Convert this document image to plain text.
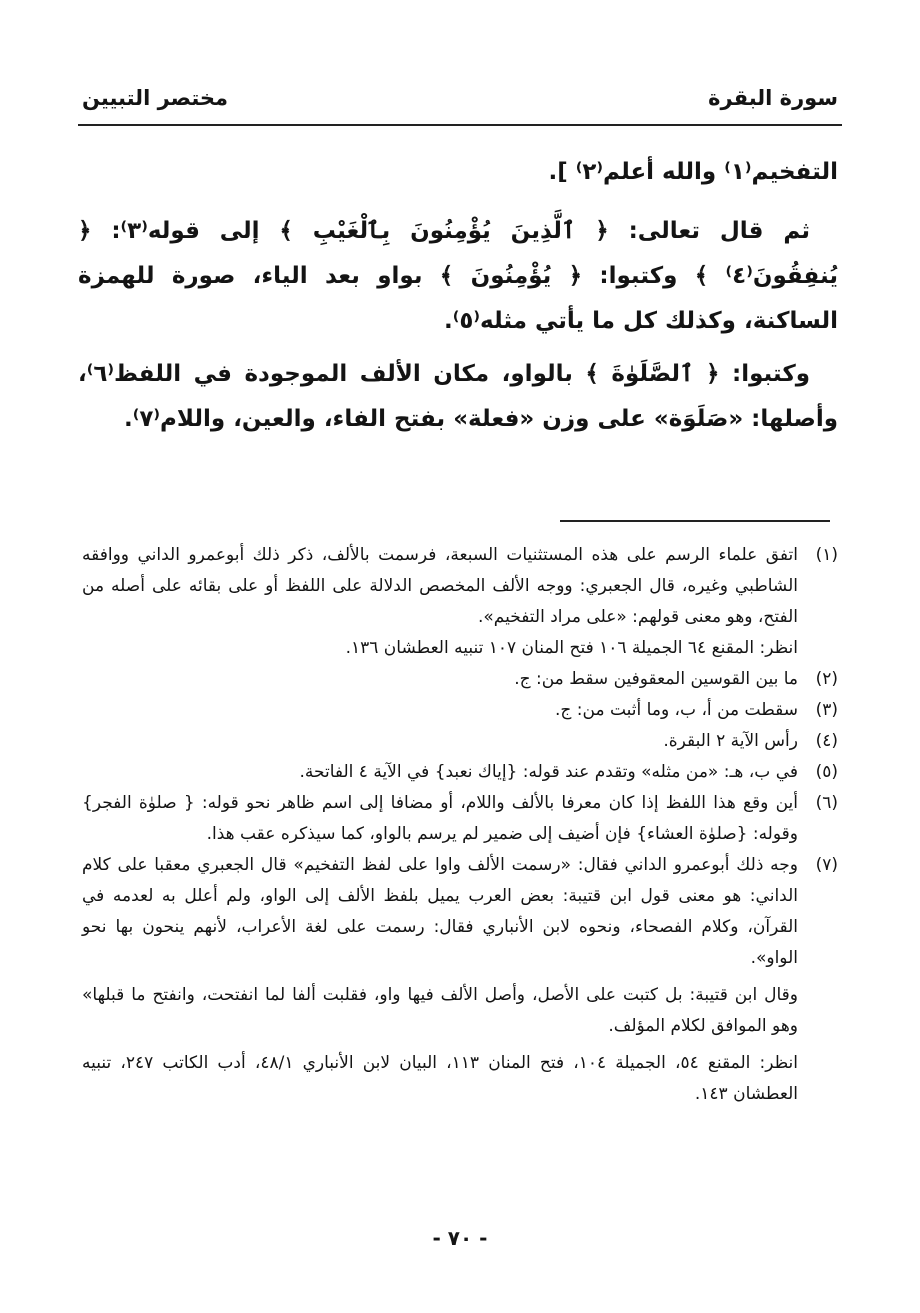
سورة البقرة
مختصر التبيين

التفخيم⁽١⁾ والله أعلم⁽٢⁾ ].

ثم قال تعالى: ﴿ ٱلَّذِينَ يُؤْمِنُونَ بِٱلْغَيْبِ ﴾ إلى قوله⁽٣⁾: ﴿ يُنفِقُونَ⁽٤⁾ ﴾ وكتبوا: ﴿ يُؤْمِنُونَ ﴾ بواو بعد الياء، صورة للهمزة الساكنة، وكذلك كل ما يأتي مثله⁽٥⁾.

وكتبوا: ﴿ ٱلصَّلَوٰةَ ﴾ بالواو، مكان الألف الموجودة في اللفظ⁽٦⁾، وأصلها: «صَلَوَة» على وزن «فعلة» بفتح الفاء، والعين، واللام⁽٧⁾.

(١)

اتفق علماء الرسم على هذه المستثنيات السبعة، فرسمت بالألف، ذكر ذلك أبوعمرو الداني ووافقه الشاطبي وغيره، قال الجعبري: ووجه الألف المخصص الدلالة على اللفظ أو على بقائه على أصله من الفتح، وهو معنى قولهم: «على مراد التفخيم».

انظر: المقنع ٦٤ الجميلة ١٠٦ فتح المنان ١٠٧ تنبيه العطشان ١٣٦.

(٢)

ما بين القوسين المعقوفين سقط من: ج.

(٣)

سقطت من أ، ب، وما أثبت من: ج.

(٤)

رأس الآية ٢ البقرة.

(٥)

في ب، هـ: «من مثله» وتقدم عند قوله: {إياك نعبد} في الآية ٤ الفاتحة.

(٦)

أين وقع هذا اللفظ إذا كان معرفا بالألف واللام، أو مضافا إلى اسم ظاهر نحو قوله: { صلوٰة الفجر} وقوله: {صلوٰة العشاء} فإن أضيف إلى ضمير لم يرسم بالواو، كما سيذكره عقب هذا.

(٧)

وجه ذلك أبوعمرو الداني فقال: «رسمت الألف واوا على لفظ التفخيم» قال الجعبري معقبا على كلام الداني: هو معنى قول ابن قتيبة: بعض العرب يميل بلفظ الألف إلى الواو، ولم أعلل به لعدمه في القرآن، وكلام الفصحاء، ونحوه لابن الأنباري فقال: رسمت على لغة الأعراب، لأنهم ينحون بها نحو الواو».

وقال ابن قتيبة: بل كتبت على الأصل، وأصل الألف فيها واو، فقلبت ألفا لما انفتحت، وانفتح ما قبلها» وهو الموافق لكلام المؤلف.

انظر: المقنع ٥٤، الجميلة ١٠٤، فتح المنان ١١٣، البيان لابن الأنباري ٤٨/١، أدب الكاتب ٢٤٧، تنبيه العطشان ١٤٣.

- ٧٠ -
